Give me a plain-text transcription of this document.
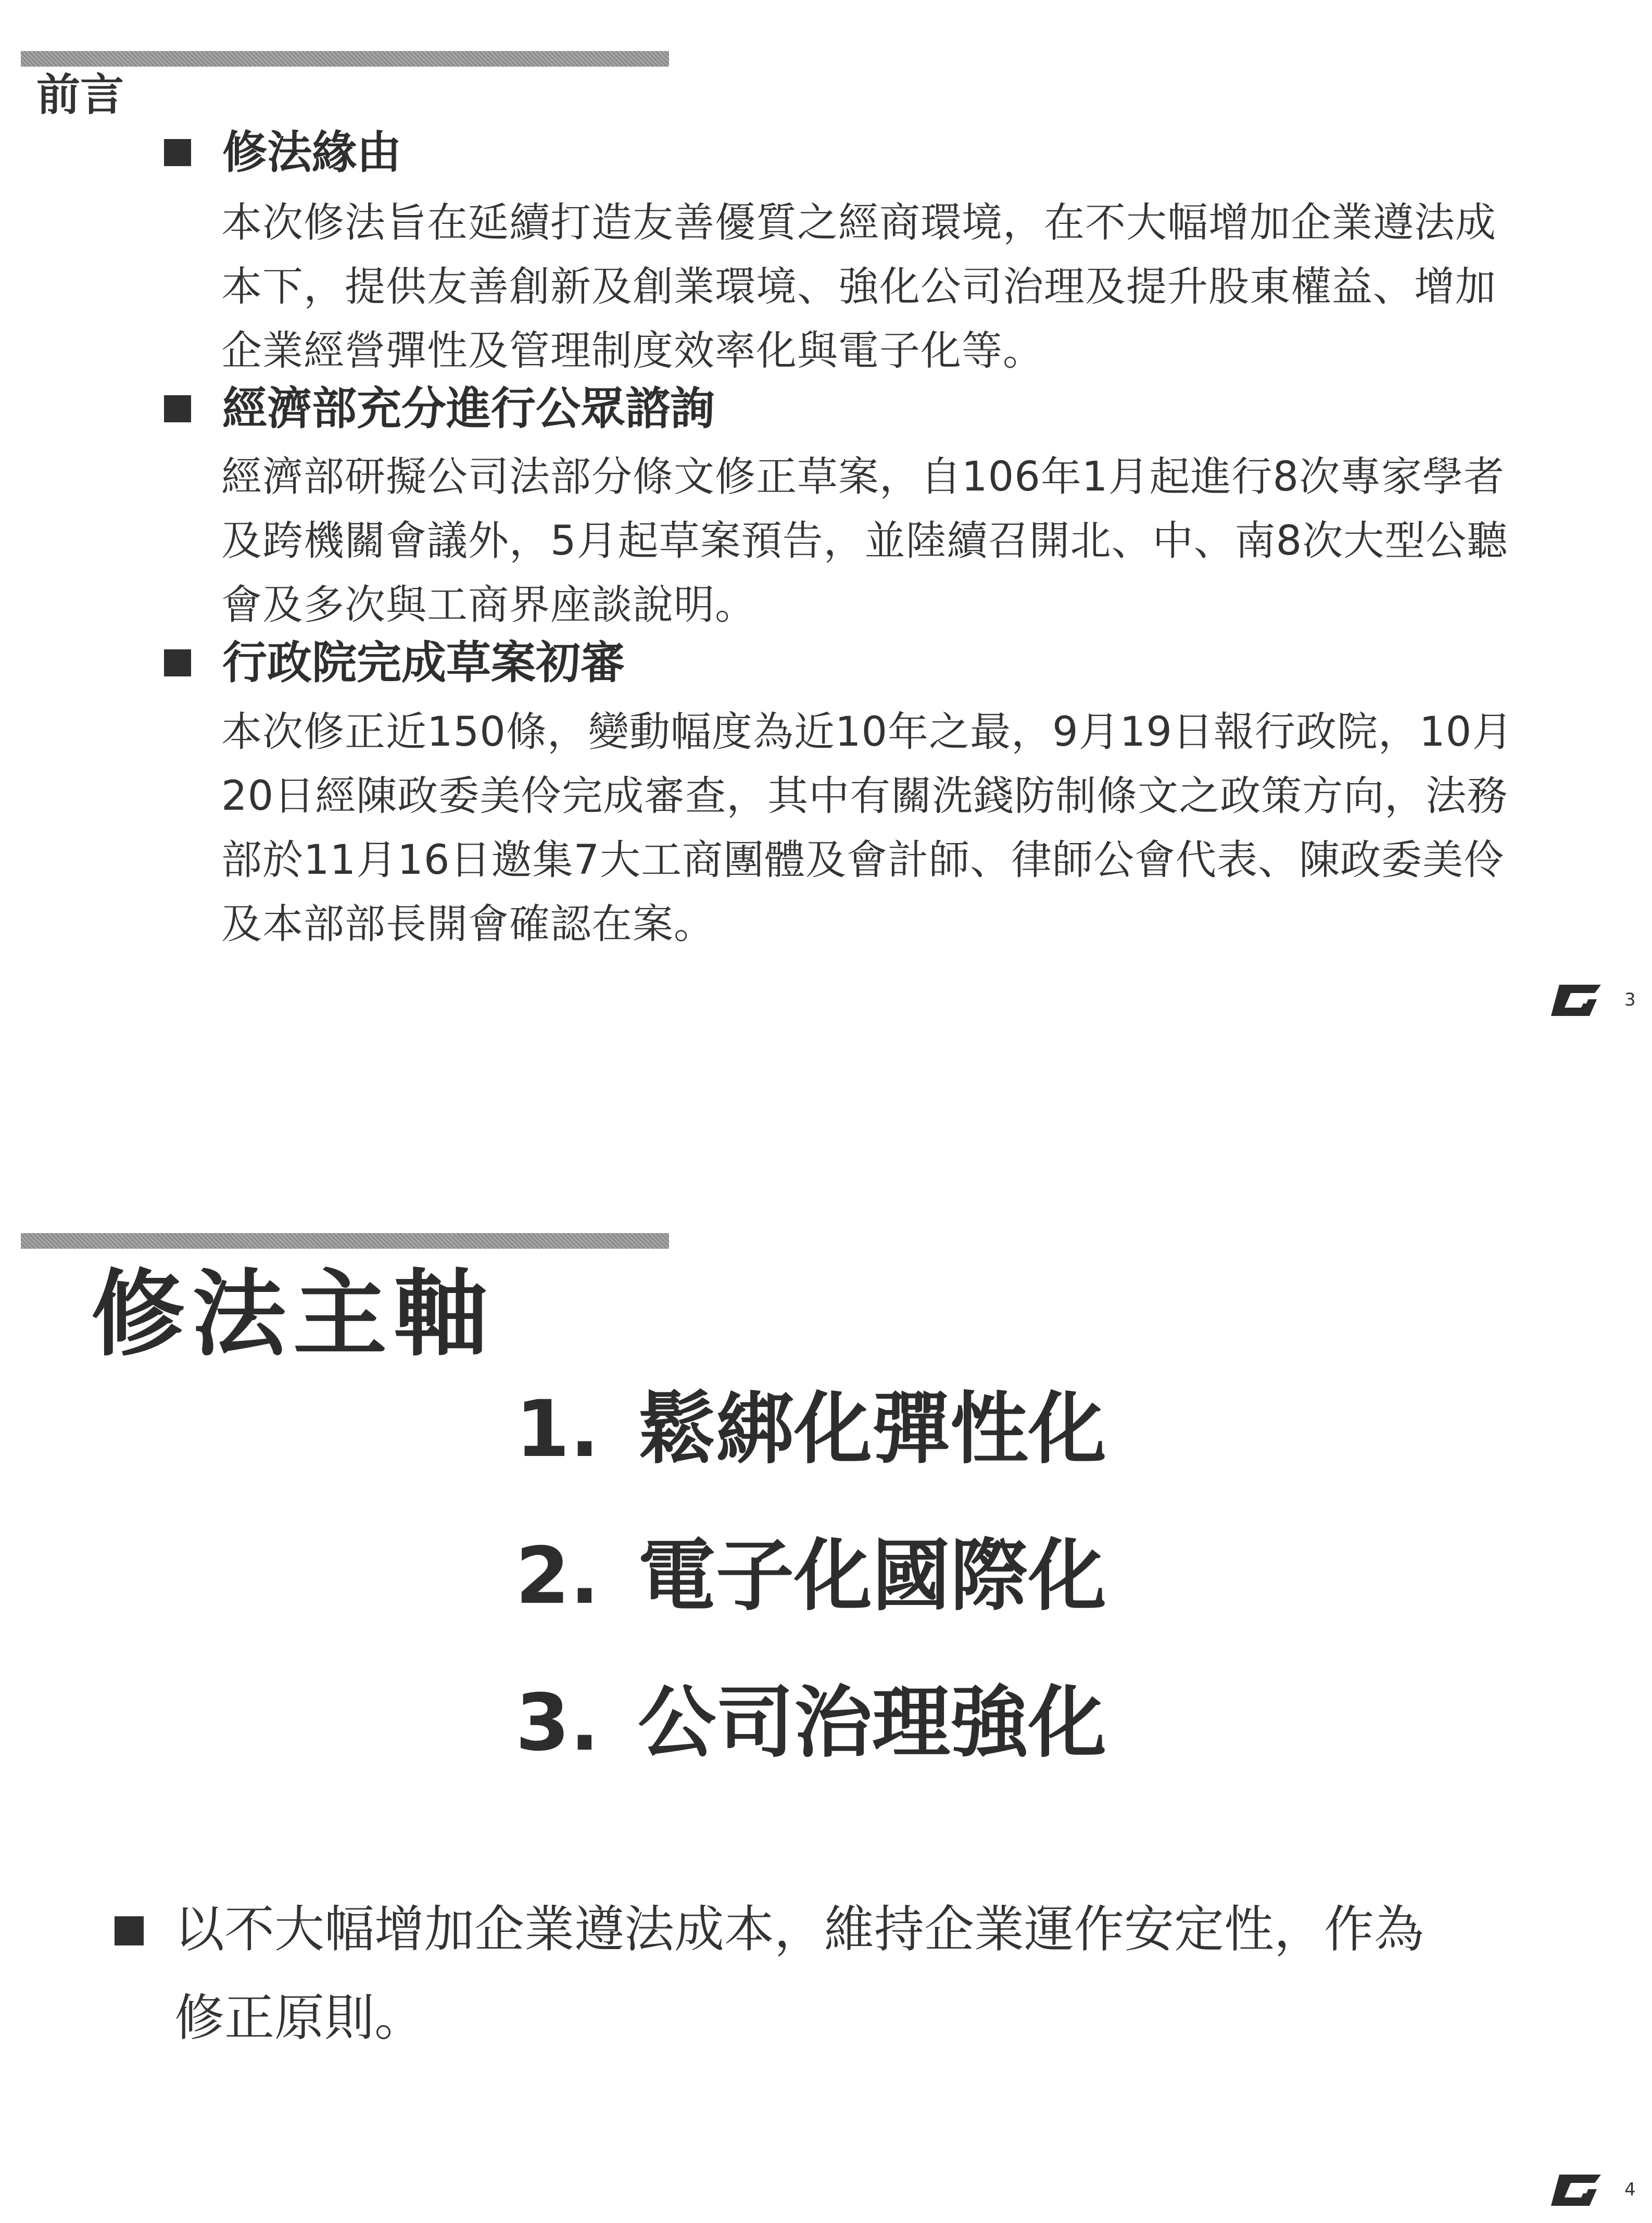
前言
修法緣由
本次修法旨在延續打造友善優質之經商環境，在不大幅增加企業遵法成
本下，提供友善創新及創業環境、強化公司治理及提升股東權益、增加
企業經營彈性及管理制度效率化與電子化等。
經濟部充分進行公眾諮詢
經濟部研擬公司法部分條文修正草案，自106年1月起進行8次專家學者
及跨機關會議外，5月起草案預告，並陸續召開北、中、南8次大型公聽
會及多次與工商界座談說明。
行政院完成草案初審
本次修正近150條，變動幅度為近10年之最，9月19日報行政院，10月
20日經陳政委美伶完成審查，其中有關洗錢防制條文之政策方向，法務
部於11月16日邀集7大工商團體及會計師、律師公會代表、陳政委美伶
及本部部長開會確認在案。
3
修法主軸
1. 鬆綁化彈性化
2. 電子化國際化
3. 公司治理強化
以不大幅增加企業遵法成本，維持企業運作安定性，作為
修正原則。
4
